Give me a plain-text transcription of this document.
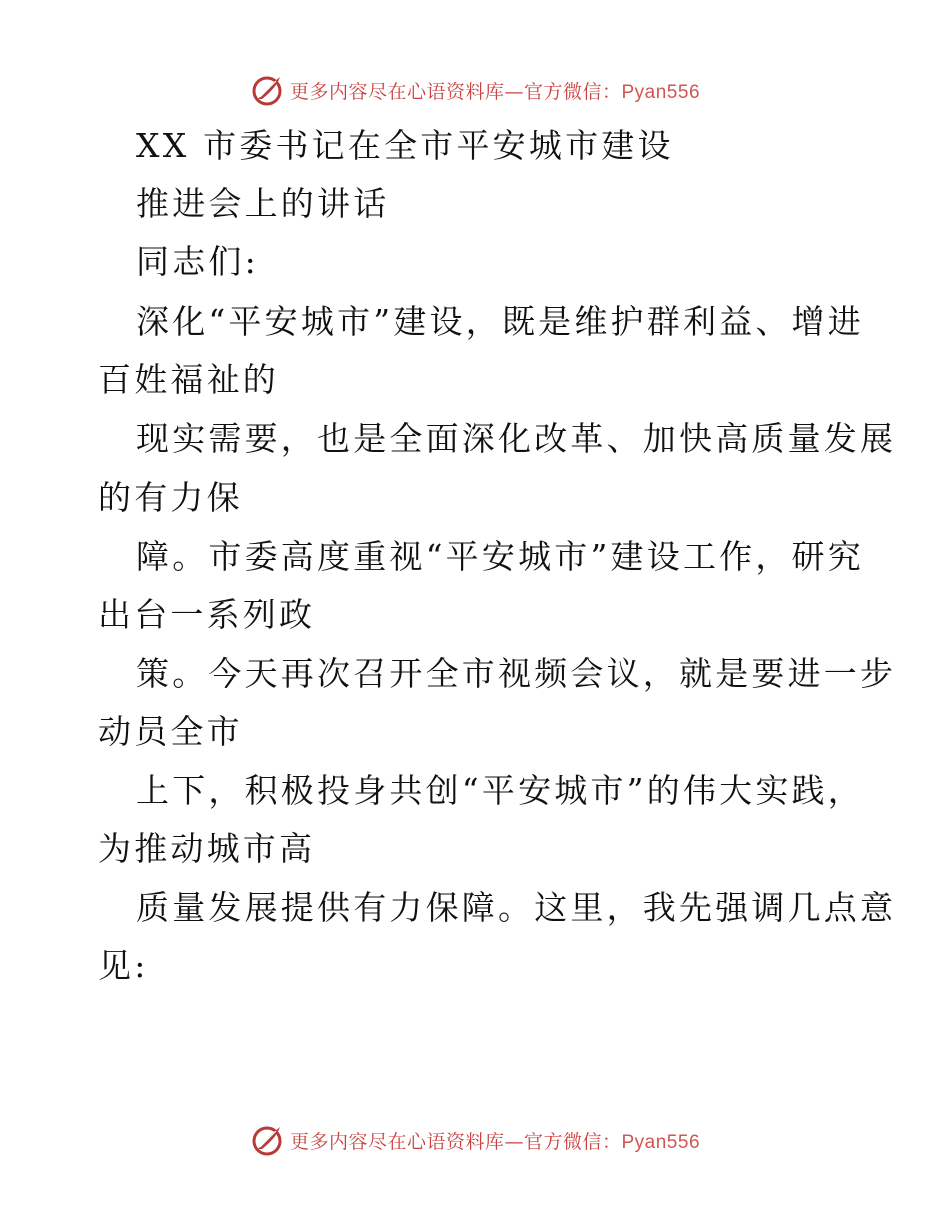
更多内容尽在心语资料库—官方微信：Pyan556
XX 市委书记在全市平安城市建设
推进会上的讲话
同志们:
深化“平安城市”建设，既是维护群利益、增进
百姓福祉的
现实需要，也是全面深化改革、加快高质量发展
的有力保
障。市委高度重视“平安城市”建设工作，研究
出台一系列政
策。今天再次召开全市视频会议，就是要进一步
动员全市
上下，积极投身共创“平安城市”的伟大实践，
为推动城市高
质量发展提供有力保障。这里，我先强调几点意
见:
更多内容尽在心语资料库—官方微信：Pyan556
